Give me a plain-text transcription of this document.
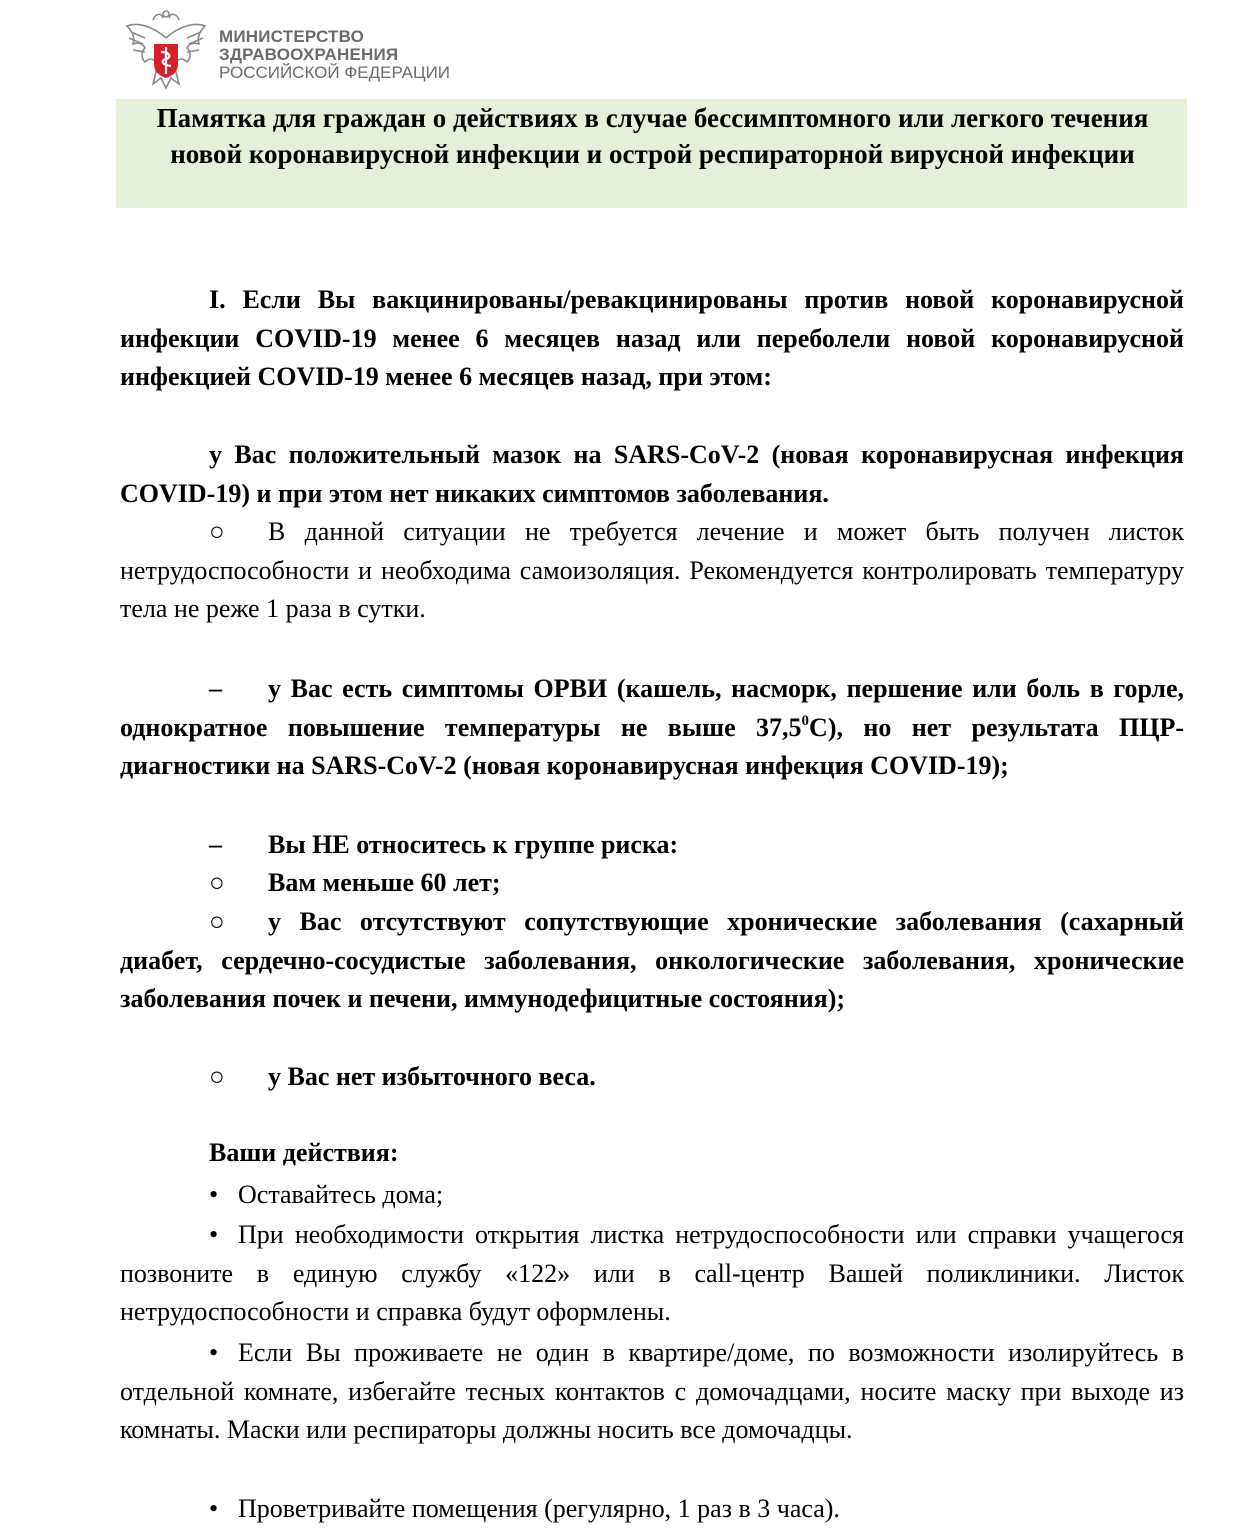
МИНИСТЕРСТВО
ЗДРАВООХРАНЕНИЯ
РОССИЙСКОЙ ФЕДЕРАЦИИ
Памятка для граждан о действиях в случае бессимптомного или легкого течения новой коронавирусной инфекции и острой респираторной вирусной инфекции
I. Если Вы вакцинированы/ревакцинированы против новой коронавирусной инфекции COVID-19 менее 6 месяцев назад или переболели новой коронавирусной инфекцией COVID-19 менее 6 месяцев назад, при этом:
у Вас положительный мазок на SARS-CoV-2 (новая коронавирусная инфекция COVID-19) и при этом нет никаких симптомов заболевания.
○ В данной ситуации не требуется лечение и может быть получен листок нетрудоспособности и необходима самоизоляция. Рекомендуется контролировать температуру тела не реже 1 раза в сутки.
– у Вас есть симптомы ОРВИ (кашель, насморк, першение или боль в горле, однократное повышение температуры не выше 37,5$^0$С), но нет результата ПЦР-диагностики на SARS-CoV-2 (новая коронавирусная инфекция COVID-19);
– Вы НЕ относитесь к группе риска:
○ Вам меньше 60 лет;
○ у Вас отсутствуют сопутствующие хронические заболевания (сахарный диабет, сердечно-сосудистые заболевания, онкологические заболевания, хронические заболевания почек и печени, иммунодефицитные состояния);
○ у Вас нет избыточного веса.
Ваши действия:
• Оставайтесь дома;
• При необходимости открытия листка нетрудоспособности или справки учащегося позвоните в единую службу «122» или в call-центр Вашей поликлиники. Листок нетрудоспособности и справка будут оформлены.
• Если Вы проживаете не один в квартире/доме, по возможности изолируйтесь в отдельной комнате, избегайте тесных контактов с домочадцами, носите маску при выходе из комнаты. Маски или респираторы должны носить все домочадцы.
• Проветривайте помещения (регулярно, 1 раз в 3 часа).
